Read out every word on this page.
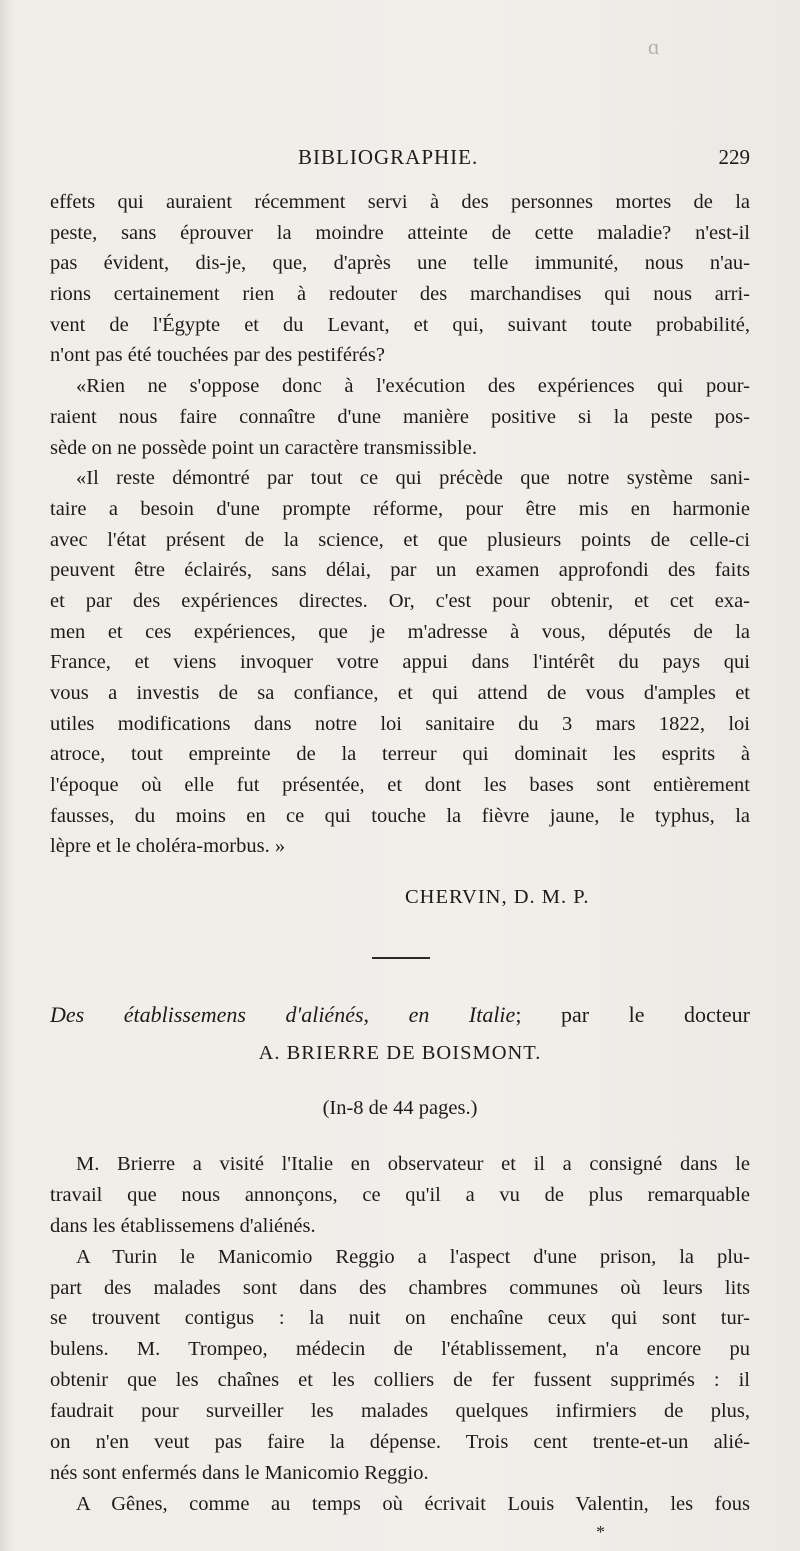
ɑ
BIBLIOGRAPHIE.	229
effets qui auraient récemment servi à des personnes mortes de la
peste, sans éprouver la moindre atteinte de cette maladie? n'est-il
pas évident, dis-je, que, d'après une telle immunité, nous n'au-
rions certainement rien à redouter des marchandises qui nous arri-
vent de l'Égypte et du Levant, et qui, suivant toute probabilité,
n'ont pas été touchées par des pestiférés?
«Rien ne s'oppose donc à l'exécution des expériences qui pour-
raient nous faire connaître d'une manière positive si la peste pos-
sède on ne possède point un caractère transmissible.
«Il reste démontré par tout ce qui précède que notre système sani-
taire a besoin d'une prompte réforme, pour être mis en harmonie
avec l'état présent de la science, et que plusieurs points de celle-ci
peuvent être éclairés, sans délai, par un examen approfondi des faits
et par des expériences directes. Or, c'est pour obtenir, et cet exa-
men et ces expériences, que je m'adresse à vous, députés de la
France, et viens invoquer votre appui dans l'intérêt du pays qui
vous a investis de sa confiance, et qui attend de vous d'amples et
utiles modifications dans notre loi sanitaire du 3 mars 1822, loi
atroce, tout empreinte de la terreur qui dominait les esprits à
l'époque où elle fut présentée, et dont les bases sont entièrement
fausses, du moins en ce qui touche la fièvre jaune, le typhus, la
lèpre et le choléra-morbus. »
CHERVIN, D. M. P.
Des établissemens d'aliénés, en Italie; par le docteur
A. BRIERRE DE BOISMONT.
(In-8 de 44 pages.)
M. Brierre a visité l'Italie en observateur et il a consigné dans le
travail que nous annonçons, ce qu'il a vu de plus remarquable
dans les établissemens d'aliénés.
A Turin le Manicomio Reggio a l'aspect d'une prison, la plu-
part des malades sont dans des chambres communes où leurs lits
se trouvent contigus : la nuit on enchaîne ceux qui sont tur-
bulens. M. Trompeo, médecin de l'établissement, n'a encore pu
obtenir que les chaînes et les colliers de fer fussent supprimés : il
faudrait pour surveiller les malades quelques infirmiers de plus,
on n'en veut pas faire la dépense. Trois cent trente-et-un alié-
nés sont enfermés dans le Manicomio Reggio.
A Gênes, comme au temps où écrivait Louis Valentin, les fous
*
